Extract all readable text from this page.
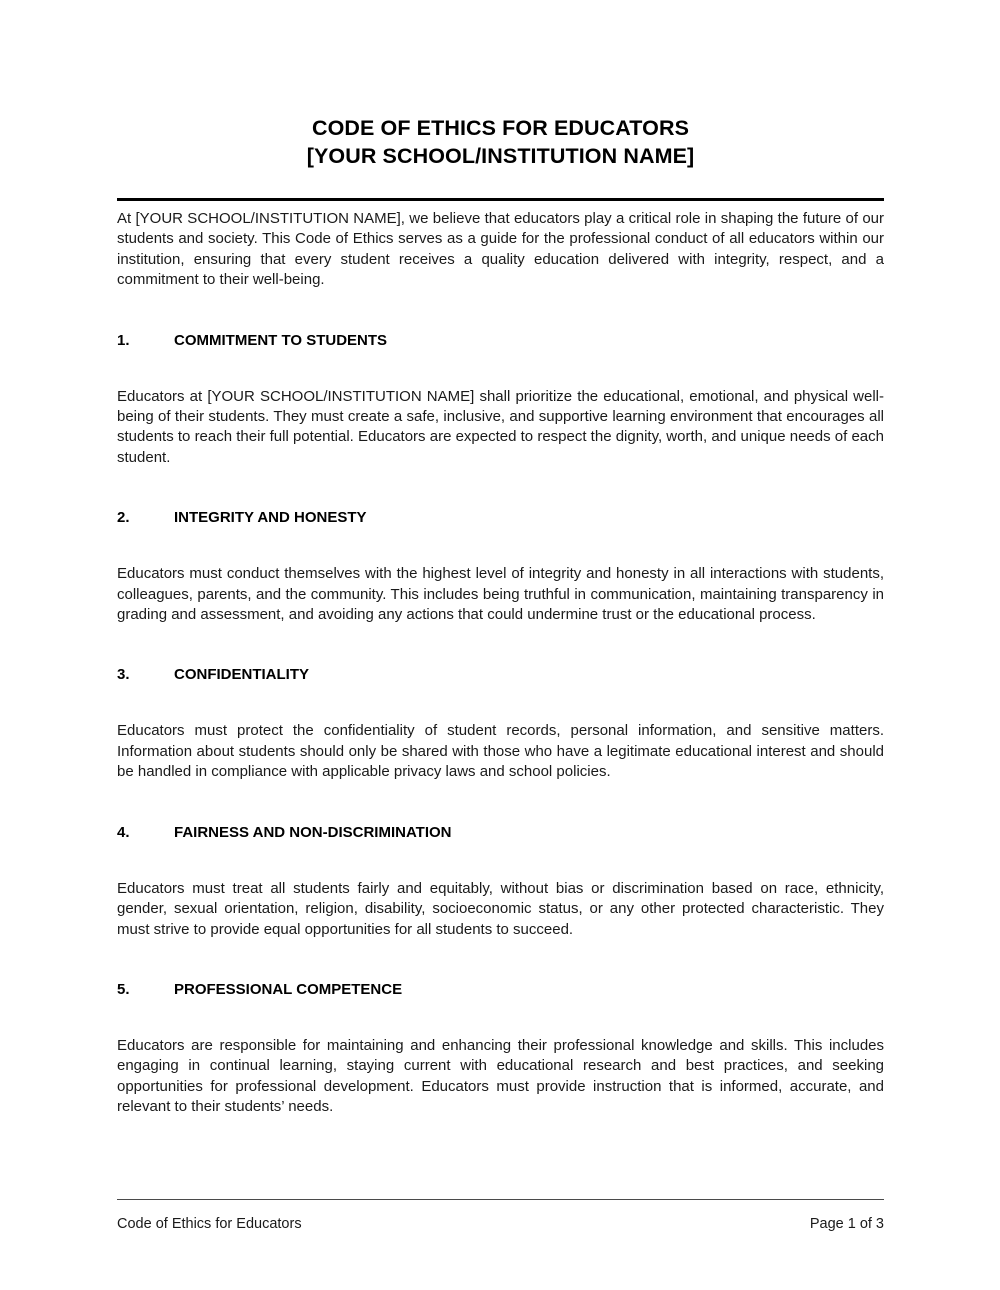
CODE OF ETHICS FOR EDUCATORS
[YOUR SCHOOL/INSTITUTION NAME]

At [YOUR SCHOOL/INSTITUTION NAME], we believe that educators play a critical role in shaping the future of our students and society. This Code of Ethics serves as a guide for the professional conduct of all educators within our institution, ensuring that every student receives a quality education delivered with integrity, respect, and a commitment to their well-being.

1.	COMMITMENT TO STUDENTS

Educators at [YOUR SCHOOL/INSTITUTION NAME] shall prioritize the educational, emotional, and physical well-being of their students. They must create a safe, inclusive, and supportive learning environment that encourages all students to reach their full potential. Educators are expected to respect the dignity, worth, and unique needs of each student.

2.	INTEGRITY AND HONESTY

Educators must conduct themselves with the highest level of integrity and honesty in all interactions with students, colleagues, parents, and the community. This includes being truthful in communication, maintaining transparency in grading and assessment, and avoiding any actions that could undermine trust or the educational process.

3.	CONFIDENTIALITY

Educators must protect the confidentiality of student records, personal information, and sensitive matters. Information about students should only be shared with those who have a legitimate educational interest and should be handled in compliance with applicable privacy laws and school policies.

4.	FAIRNESS AND NON-DISCRIMINATION

Educators must treat all students fairly and equitably, without bias or discrimination based on race, ethnicity, gender, sexual orientation, religion, disability, socioeconomic status, or any other protected characteristic. They must strive to provide equal opportunities for all students to succeed.

5.	PROFESSIONAL COMPETENCE

Educators are responsible for maintaining and enhancing their professional knowledge and skills. This includes engaging in continual learning, staying current with educational research and best practices, and seeking opportunities for professional development. Educators must provide instruction that is informed, accurate, and relevant to their students’ needs.

Code of Ethics for Educators	Page 1 of 3
